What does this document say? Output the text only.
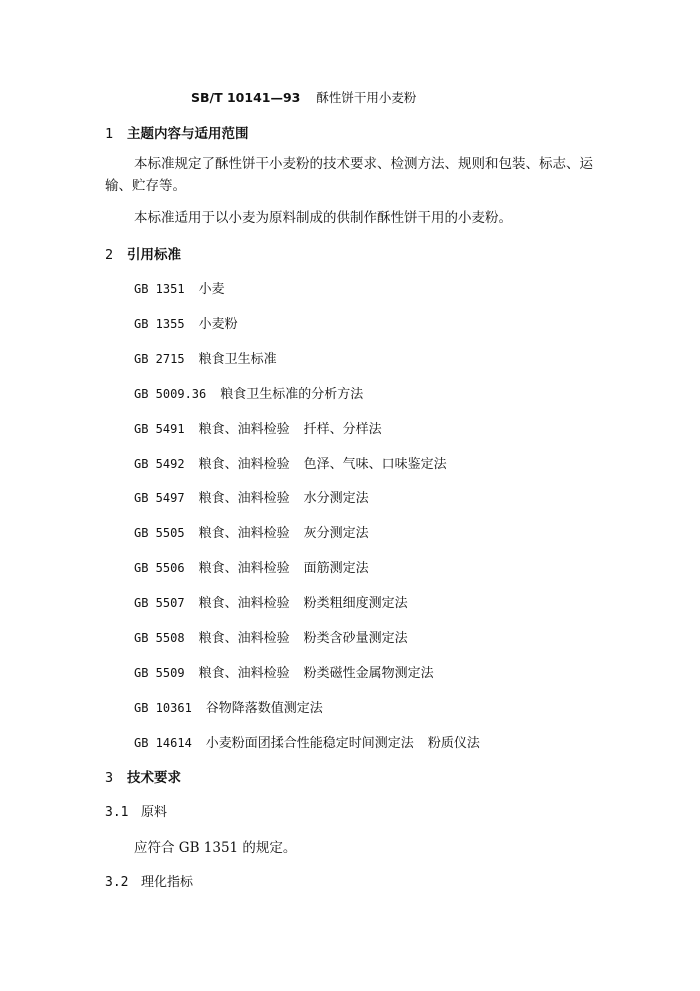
SB/T 10141—93 酥性饼干用小麦粉
1 主题内容与适用范围
本标准规定了酥性饼干小麦粉的技术要求、检测方法、规则和包装、标志、运输、贮存等。
本标准适用于以小麦为原料制成的供制作酥性饼干用的小麦粉。
2 引用标准
GB 1351 小麦
GB 1355 小麦粉
GB 2715 粮食卫生标准
GB 5009.36 粮食卫生标准的分析方法
GB 5491 粮食、油料检验 扦样、分样法
GB 5492 粮食、油料检验 色泽、气味、口味鉴定法
GB 5497 粮食、油料检验 水分测定法
GB 5505 粮食、油料检验 灰分测定法
GB 5506 粮食、油料检验 面筋测定法
GB 5507 粮食、油料检验 粉类粗细度测定法
GB 5508 粮食、油料检验 粉类含砂量测定法
GB 5509 粮食、油料检验 粉类磁性金属物测定法
GB 10361 谷物降落数值测定法
GB 14614 小麦粉面团揉合性能稳定时间测定法 粉质仪法
3 技术要求
3.1 原料
应符合 GB 1351 的规定。
3.2 理化指标
